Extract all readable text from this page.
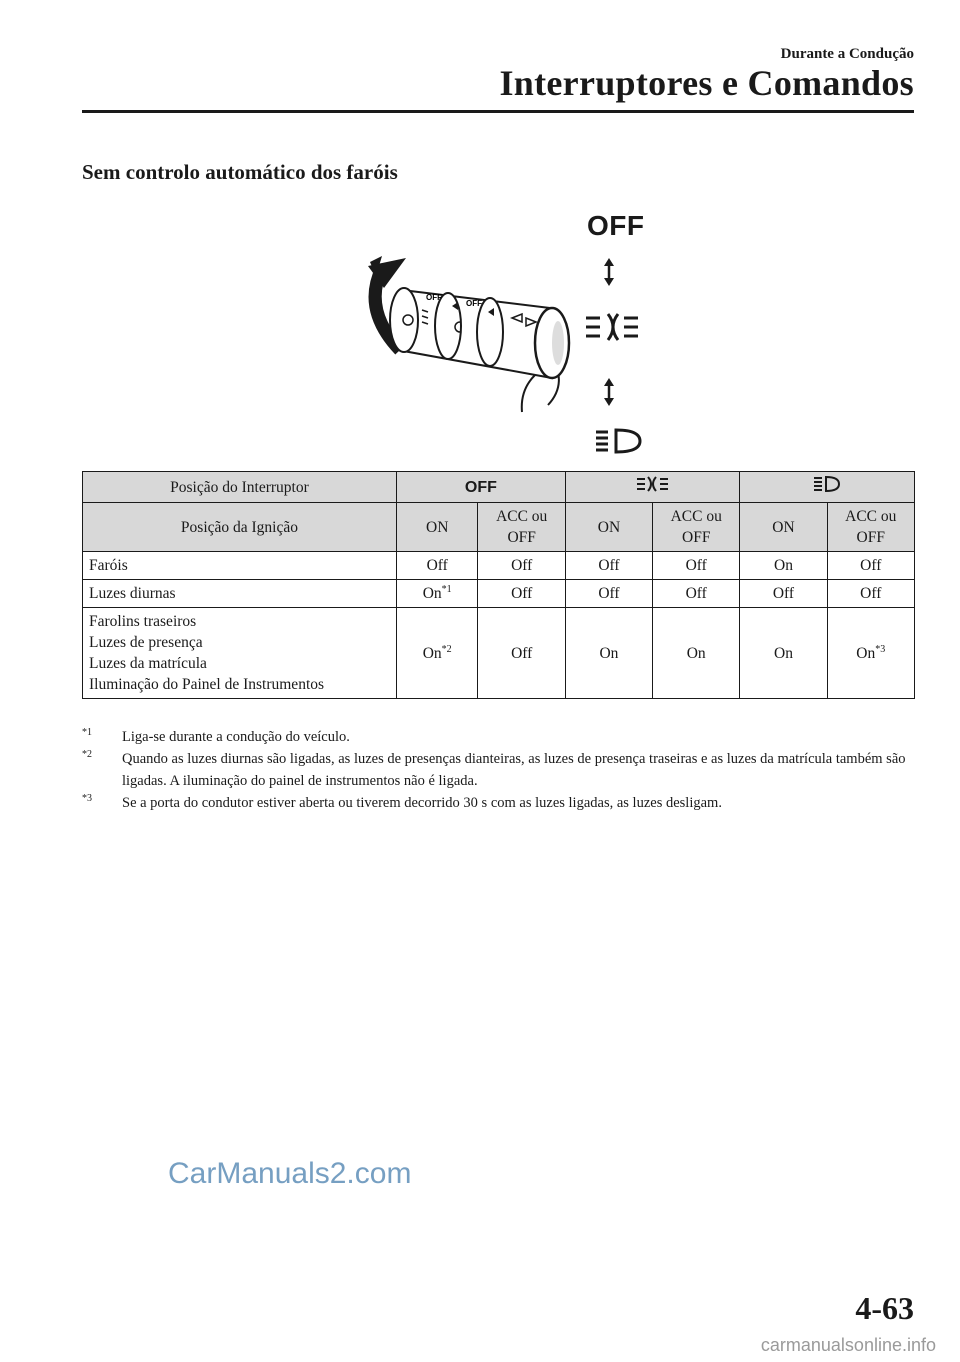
Durante a Condução
Interruptores e Comandos
Sem controlo automático dos faróis
OFF
OFF
OFF
Posição do Interruptor	OFF		
Posição da Ignição	ON	ACC ou OFF	ON	ACC ou OFF	ON	ACC ou OFF
Faróis	Off	Off	Off	Off	On	Off
Luzes diurnas	On$^{*1}$	Off	Off	Off	Off	Off

Farolins traseiros
Luzes de presença
Luzes da matrícula
Iluminação do Painel de Instrumentos	On$^{*2}$	Off	On	On	On	On$^{*3}$
$^{*1}$ Liga-se durante a condução do veículo.
$^{*2}$ Quando as luzes diurnas são ligadas, as luzes de presenças dianteiras, as luzes de presença traseiras e as luzes da matrícula também são ligadas. A iluminação do painel de instrumentos não é ligada.
$^{*3}$ Se a porta do condutor estiver aberta ou tiverem decorrido 30 s com as luzes ligadas, as luzes desligam.
CarManuals2.com
4-63
carmanualsonline.info
